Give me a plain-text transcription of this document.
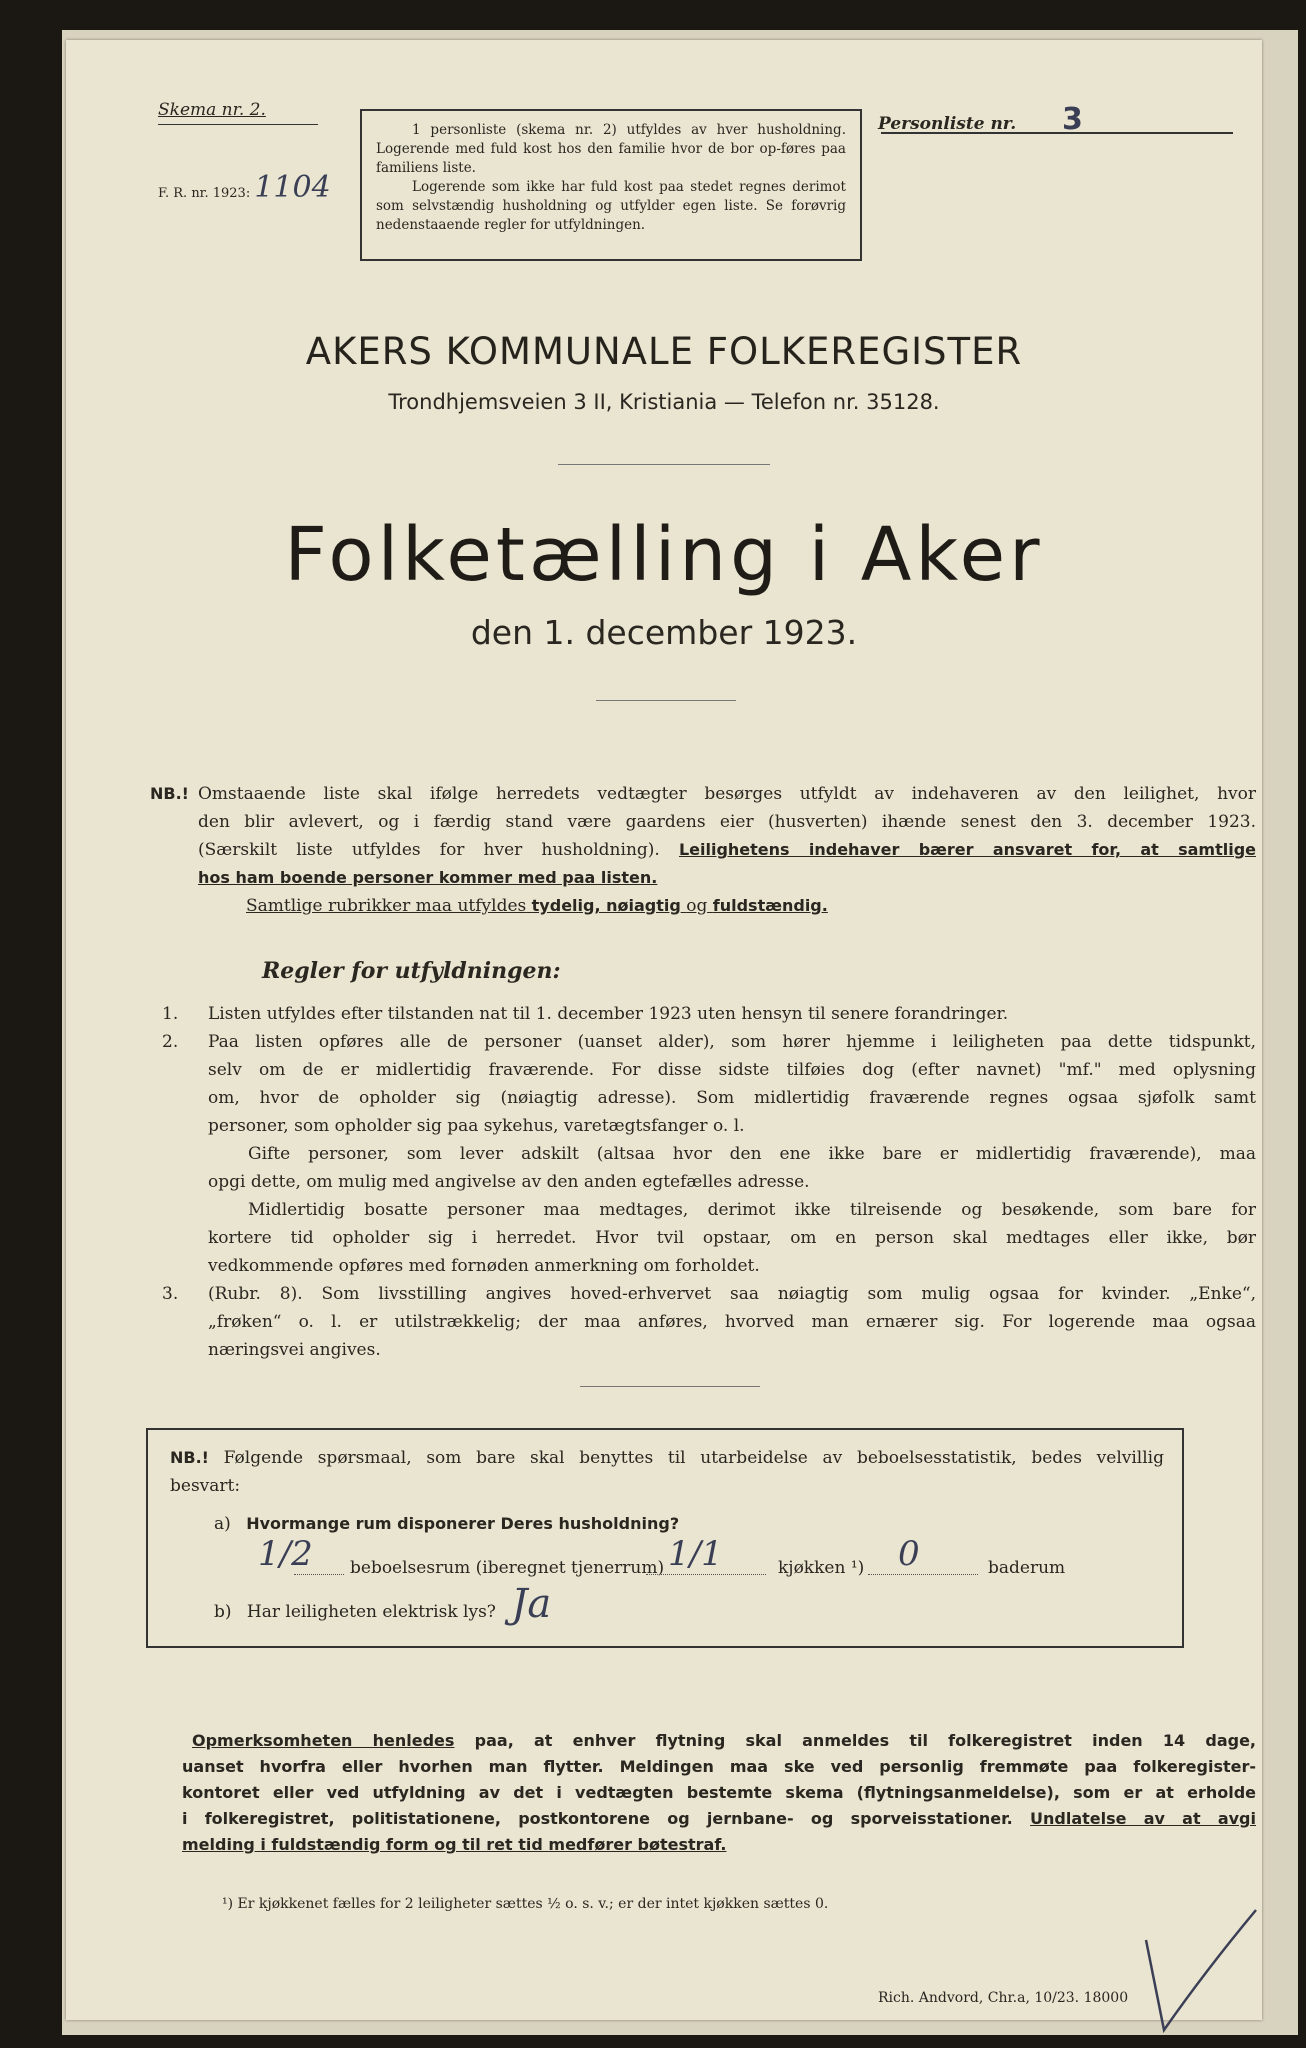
Skema nr. 2.
F. R. nr. 1923: 1104

1 personliste (skema nr. 2) utfyldes av hver husholdning. Logerende med fuld kost hos den familie hvor de bor op-føres paa familiens liste.

Logerende som ikke har fuld kost paa stedet regnes derimot som selvstændig husholdning og utfylder egen liste. Se forøvrig nedenstaaende regler for utfyldningen.

Personliste nr. 3
AKERS KOMMUNALE FOLKEREGISTER
Trondhjemsveien 3 II, Kristiania — Telefon nr. 35128.
Folketælling i Aker
den 1. december 1923.
NB.! Omstaaende liste skal ifølge herredets vedtægter besørges utfyldt av indehaveren av den leilighet, hvor
den blir avlevert, og i færdig stand være gaardens eier (husverten) ihænde senest den 3. december 1923.
(Særskilt liste utfyldes for hver husholdning). Leilighetens indehaver bærer ansvaret for, at samtlige
hos ham boende personer kommer med paa listen.
Samtlige rubrikker maa utfyldes tydelig, nøiagtig og fuldstændig.
Regler for utfyldningen:
1.	Listen utfyldes efter tilstanden nat til 1. december 1923 uten hensyn til senere forandringer.
2.	Paa listen opføres alle de personer (uanset alder), som hører hjemme i leiligheten paa dette tidspunkt,
selv om de er midlertidig fraværende. For disse sidste tilføies dog (efter navnet) "mf." med oplysning
om, hvor de opholder sig (nøiagtig adresse). Som midlertidig fraværende regnes ogsaa sjøfolk samt
personer, som opholder sig paa sykehus, varetægtsfanger o. l.
Gifte personer, som lever adskilt (altsaa hvor den ene ikke bare er midlertidig fraværende), maa
opgi dette, om mulig med angivelse av den anden egtefælles adresse.
Midlertidig bosatte personer maa medtages, derimot ikke tilreisende og besøkende, som bare for
kortere tid opholder sig i herredet. Hvor tvil opstaar, om en person skal medtages eller ikke, bør
vedkommende opføres med fornøden anmerkning om forholdet.
3.	(Rubr. 8). Som livsstilling angives hoved-erhvervet saa nøiagtig som mulig ogsaa for kvinder. „Enke“,
„frøken“ o. l. er utilstrækkelig; der maa anføres, hvorved man ernærer sig. For logerende maa ogsaa
næringsvei angives.
NB.! Følgende spørsmaal, som bare skal benyttes til utarbeidelse av beboelsesstatistik, bedes velvillig
besvart:
a) Hvormange rum disponerer Deres husholdning?
1/2 beboelsesrum (iberegnet tjenerrum) 1/1	kjøkken ¹) 0	baderum
b) Har leiligheten elektrisk lys? Ja
Opmerksomheten henledes paa, at enhver flytning skal anmeldes til folkeregistret inden 14 dage,
uanset hvorfra eller hvorhen man flytter. Meldingen maa ske ved personlig fremmøte paa folkeregister-
kontoret eller ved utfyldning av det i vedtægten bestemte skema (flytningsanmeldelse), som er at erholde
i folkeregistret, politistationene, postkontorene og jernbane- og sporveisstationer. Undlatelse av at avgi
melding i fuldstændig form og til ret tid medfører bøtestraf.
¹) Er kjøkkenet fælles for 2 leiligheter sættes ½ o. s. v.; er der intet kjøkken sættes 0.
Rich. Andvord, Chr.a, 10/23. 18000
